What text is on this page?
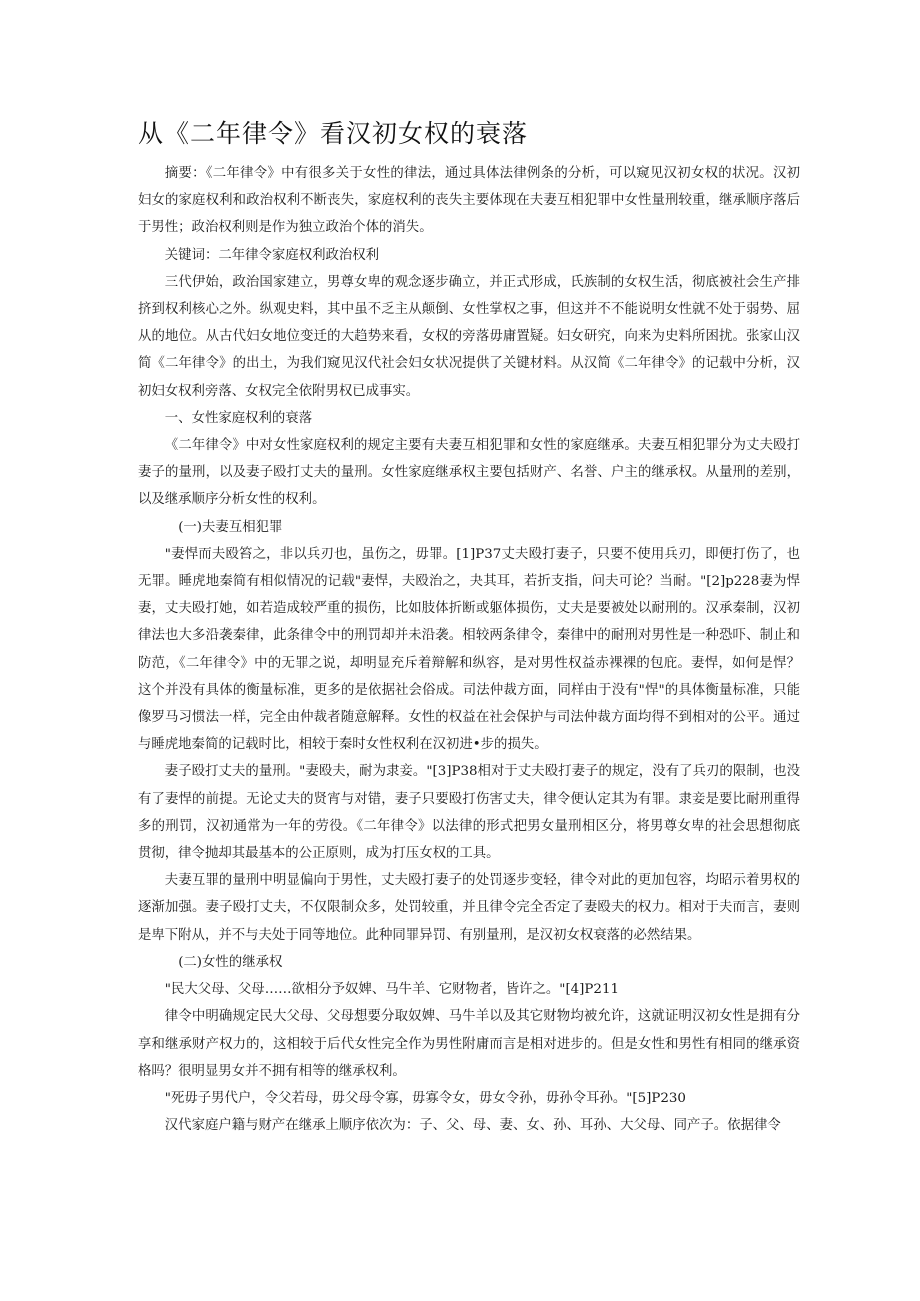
从《二年律令》看汉初女权的衰落

摘要：《二年律令》中有很多关于女性的律法，通过具体法律例条的分析，可以窥见汉初女权的状况。汉初妇女的家庭权利和政治权利不断丧失，家庭权利的丧失主要体现在夫妻互相犯罪中女性量刑较重，继承顺序落后于男性；政治权利则是作为独立政治个体的消失。

关键词：二年律令家庭权利政治权利

三代伊始，政治国家建立，男尊女卑的观念逐步确立，并正式形成，氏族制的女权生活，彻底被社会生产排挤到权利核心之外。纵观史料，其中虽不乏主从颠倒、女性掌权之事，但这并不不能说明女性就不处于弱势、屈从的地位。从古代妇女地位变迁的大趋势来看，女权的旁落毋庸置疑。妇女研究，向来为史料所困扰。张家山汉简《二年律令》的出土，为我们窥见汉代社会妇女状况提供了关键材料。从汉简《二年律令》的记载中分析，汉初妇女权利旁落、女权完全依附男权已成事实。

一、女性家庭权利的衰落

《二年律令》中对女性家庭权利的规定主要有夫妻互相犯罪和女性的家庭继承。夫妻互相犯罪分为丈夫殴打妻子的量刑，以及妻子殴打丈夫的量刑。女性家庭继承权主要包括财产、名誉、户主的继承权。从量刑的差别，以及继承顺序分析女性的权利。

(一)夫妻互相犯罪

"妻悍而夫殴笞之，非以兵刃也，虽伤之，毋罪。[1]P37丈夫殴打妻子，只要不使用兵刃，即便打伤了，也无罪。睡虎地秦简有相似情况的记载"妻悍，夫殴治之，夬其耳，若折支指，问夫可论？当耐。"[2]p228妻为悍妻，丈夫殴打她，如若造成较严重的损伤，比如肢体折断或躯体损伤，丈夫是要被处以耐刑的。汉承秦制，汉初律法也大多沿袭秦律，此条律令中的刑罚却并未沿袭。相较两条律令，秦律中的耐刑对男性是一种恐吓、制止和防范，《二年律令》中的无罪之说，却明显充斥着辩解和纵容，是对男性权益赤裸裸的包庇。妻悍，如何是悍？这个并没有具体的衡量标准，更多的是依据社会俗成。司法仲裁方面，同样由于没有"悍"的具体衡量标准，只能像罗马习惯法一样，完全由仲裁者随意解释。女性的权益在社会保护与司法仲裁方面均得不到相对的公平。通过与睡虎地秦简的记载时比，相较于秦时女性权利在汉初进•步的损失。

妻子殴打丈夫的量刑。"妻殴夫，耐为隶妾。"[3]P38相对于丈夫殴打妻子的规定，没有了兵刃的限制，也没有了妻悍的前提。无论丈夫的贤宵与对错，妻子只要殴打伤害丈夫，律令便认定其为有罪。隶妾是要比耐刑重得多的刑罚，汉初通常为一年的劳役。《二年律令》以法律的形式把男女量刑相区分，将男尊女卑的社会思想彻底贯彻，律令抛却其最基本的公正原则，成为打压女权的工具。

夫妻互罪的量刑中明显偏向于男性，丈夫殴打妻子的处罚逐步变轻，律令对此的更加包容，均昭示着男权的逐渐加强。妻子殴打丈夫，不仅限制众多，处罚较重，并且律令完全否定了妻殴夫的权力。相对于夫而言，妻则是卑下附从，并不与夫处于同等地位。此种同罪异罚、有别量刑，是汉初女权衰落的必然结果。

(二)女性的继承权

"民大父母、父母……欲相分予奴婢、马牛羊、它财物者，皆许之。"[4]P211

律令中明确规定民大父母、父母想要分取奴婢、马牛羊以及其它财物均被允许，这就证明汉初女性是拥有分享和继承财产权力的，这相较于后代女性完全作为男性附庸而言是相对进步的。但是女性和男性有相同的继承资格吗？很明显男女并不拥有相等的继承权利。

"死毋子男代户，令父若母，毋父母令寡，毋寡令女，毋女令孙，毋孙令耳孙。"[5]P230

汉代家庭户籍与财产在继承上顺序依次为：子、父、母、妻、女、孙、耳孙、大父母、同产子。依据律令
